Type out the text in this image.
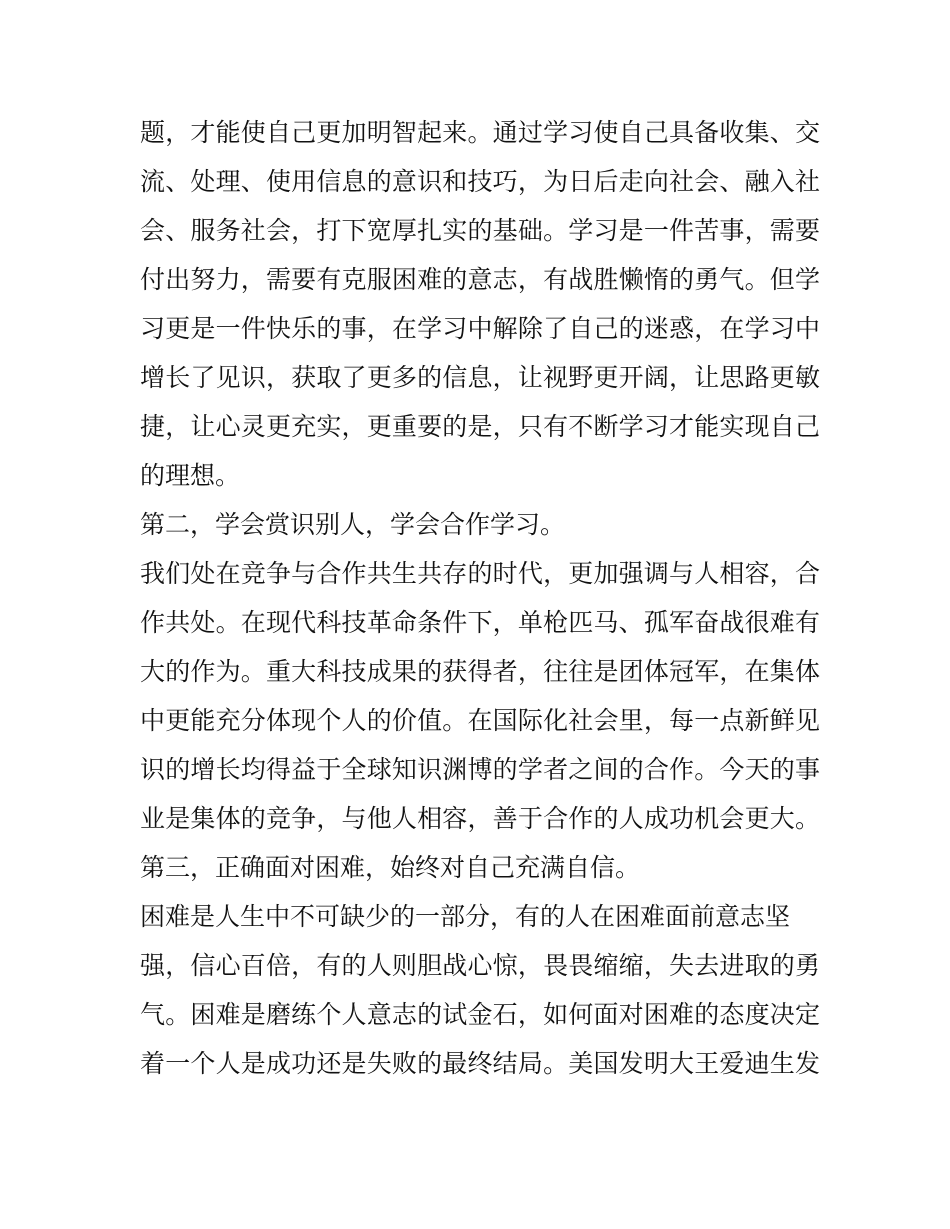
题，才能使自己更加明智起来。通过学习使自己具备收集、交
流、处理、使用信息的意识和技巧，为日后走向社会、融入社
会、服务社会，打下宽厚扎实的基础。学习是一件苦事，需要
付出努力，需要有克服困难的意志，有战胜懒惰的勇气。但学
习更是一件快乐的事，在学习中解除了自己的迷惑，在学习中
增长了见识，获取了更多的信息，让视野更开阔，让思路更敏
捷，让心灵更充实，更重要的是，只有不断学习才能实现自己
的理想。
第二，学会赏识别人，学会合作学习。
我们处在竞争与合作共生共存的时代，更加强调与人相容，合
作共处。在现代科技革命条件下，单枪匹马、孤军奋战很难有
大的作为。重大科技成果的获得者，往往是团体冠军，在集体
中更能充分体现个人的价值。在国际化社会里，每一点新鲜见
识的增长均得益于全球知识渊博的学者之间的合作。今天的事
业是集体的竞争，与他人相容，善于合作的人成功机会更大。
第三，正确面对困难，始终对自己充满自信。
困难是人生中不可缺少的一部分，有的人在困难面前意志坚
强，信心百倍，有的人则胆战心惊，畏畏缩缩，失去进取的勇
气。困难是磨练个人意志的试金石，如何面对困难的态度决定
着一个人是成功还是失败的最终结局。美国发明大王爱迪生发
